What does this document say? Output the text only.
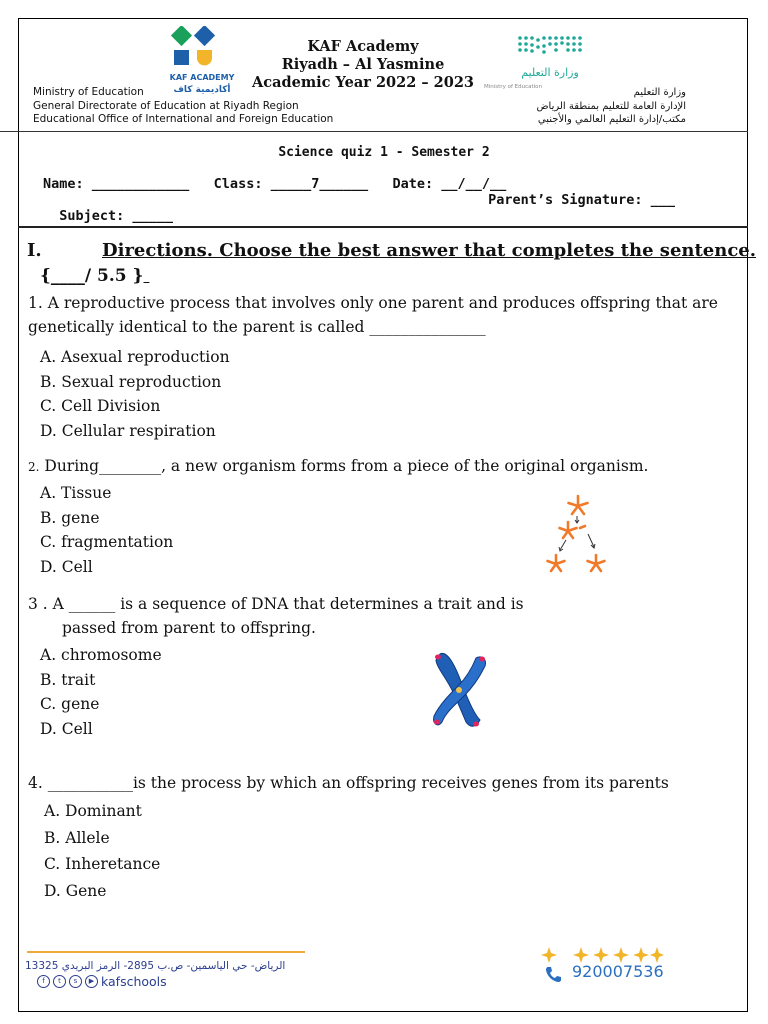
Ministry of Education
General Directorate of Education at Riyadh Region
Educational Office of International and Foreign Education
KAF ACADEMY
أكاديمية كاف
KAF Academy
Riyadh – Al Yasmine
Academic Year 2022 – 2023
وزارة التعليم
Ministry of Education	وزارة التعليم
الإدارة العامة للتعليم بمنطقة الرياض
مكتب/إدارة التعليم العالمي والأجنبي
Science quiz 1 - Semester 2
Name: ____________   Class: _____7______   Date: __/__/__

Subject: _____

Parent’s Signature: ___

I.	Directions. Choose the best answer that completes the sentence.
{____/ 5.5 }
1. A reproductive process that involves only one parent and produces offspring that are
genetically identical to the parent is called _______________
A. Asexual reproduction
B. Sexual reproduction
C. Cell Division
D. Cellular respiration
2. During________, a new organism forms from a piece of the original organism.
A. Tissue
B. gene
C. fragmentation
D. Cell
3 . A ______ is a sequence of DNA that determines a trait and is
passed from parent to offspring.
A. chromosome
B. trait
C. gene
D. Cell
4. ___________is the process by which an offspring receives genes from its parents
A. Dominant
B. Allele
C. Inheretance
D. Gene
الرياض- حي الياسمين- ص.ب 2895- الرمز البريدي 13325
f	t	s	▶ kafschools
920007536
